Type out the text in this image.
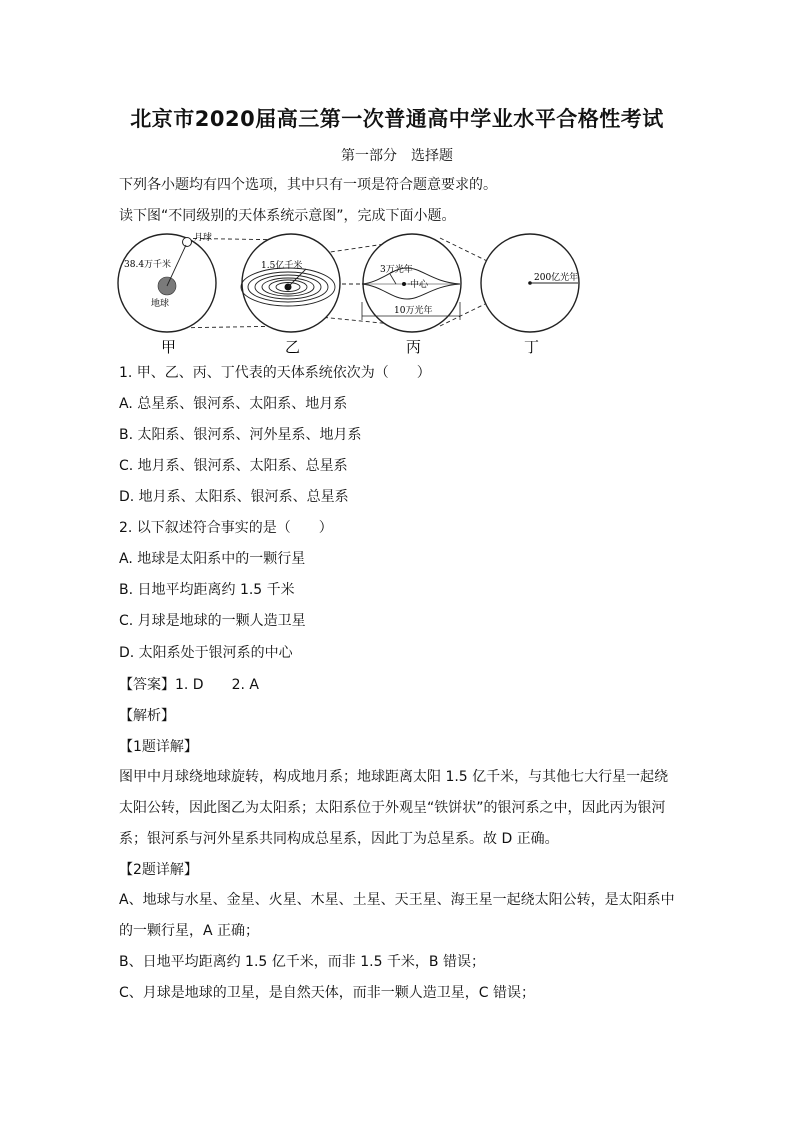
北京市2020届高三第一次普通高中学业水平合格性考试
第一部分　选择题
下列各小题均有四个选项，其中只有一项是符合题意要求的。
读下图“不同级别的天体系统示意图”，完成下面小题。
月球
38.4万千米
地球
1.5亿千米
中心
3万光年
10万光年
200亿光年
甲	乙	丙	丁
1. 甲、乙、丙、丁代表的天体系统依次为（　　）
A. 总星系、银河系、太阳系、地月系
B. 太阳系、银河系、河外星系、地月系
C. 地月系、银河系、太阳系、总星系
D. 地月系、太阳系、银河系、总星系
2. 以下叙述符合事实的是（　　）
A. 地球是太阳系中的一颗行星
B. 日地平均距离约 1.5 千米
C. 月球是地球的一颗人造卫星
D. 太阳系处于银河系的中心
【答案】1. D　　2. A
【解析】
【1题详解】

图甲中月球绕地球旋转，构成地月系；地球距离太阳 1.5 亿千米，与其他七大行星一起绕太阳公转，因此图乙为太阳系；太阳系位于外观呈“铁饼状”的银河系之中，因此丙为银河系；银河系与河外星系共同构成总星系，因此丁为总星系。故 D 正确。

【2题详解】

A、地球与水星、金星、火星、木星、土星、天王星、海王星一起绕太阳公转，是太阳系中的一颗行星，A 正确；

B、日地平均距离约 1.5 亿千米，而非 1.5 千米，B 错误；

C、月球是地球的卫星，是自然天体，而非一颗人造卫星，C 错误；
